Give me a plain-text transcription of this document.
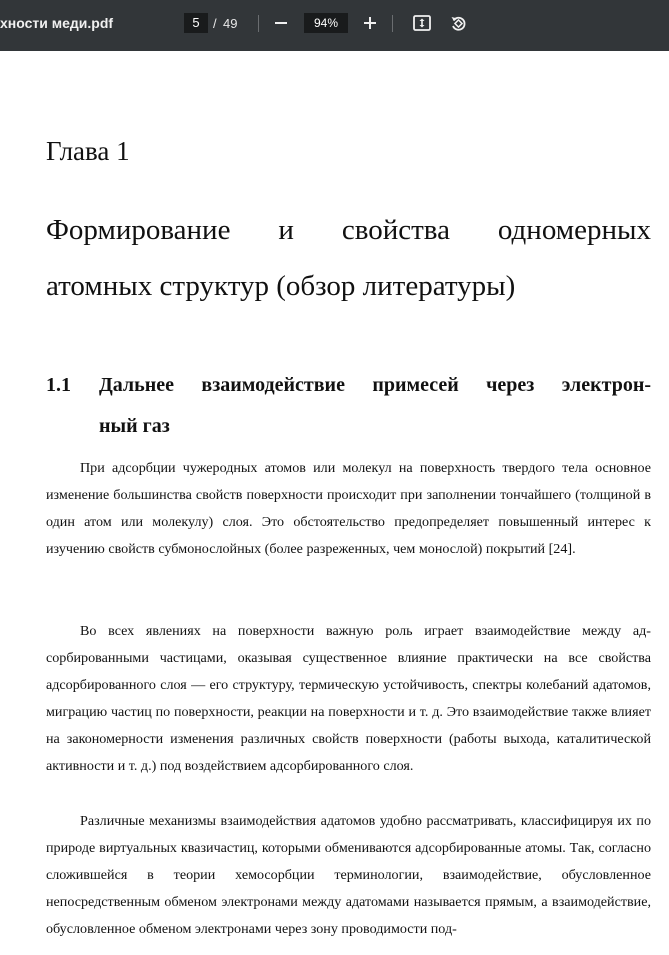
хности меди.pdf	5	/ 49	94%
Глава 1
Формирование и свойства одномерных
атомных структур (обзор литературы)
1.1 Дальнее взаимодействие примесей через электрон-
ный газ

При адсорбции чужеродных атомов или молекул на поверхность твердого тела основное изменение большинства свойств поверхности происходит при заполнении тончайшего (толщиной в один атом или молекулу) слоя. Это обстоятельство предопределяет повышенный интерес к изучению свойств субмонослойных (более разреженных, чем монослой) покрытий [24].

Во всех явлениях на поверхности важную роль играет взаимодействие между адсорбированными частицами, оказывая существенное влияние практически на все свойства адсорбированного слоя — его структуру, термическую устойчивость, спектры колебаний адатомов, миграцию частиц по поверхности, реакции на поверхности и т. д. Это взаимодействие также влияет на закономерности изменения различных свойств поверхности (работы выхода, каталитической активности и т. д.) под воздействием адсорбированного слоя.

Различные механизмы взаимодействия адатомов удобно рассматривать, классифицируя их по природе виртуальных квазичастиц, которыми обмениваются адсорбированные атомы. Так, согласно сложившейся в теории хемосорбции терминологии, взаимодействие, обусловленное непосредственным обменом электронами между адатомами называется прямым, а взаимодействие, обусловленное обменом электронами через зону проводимости под-
